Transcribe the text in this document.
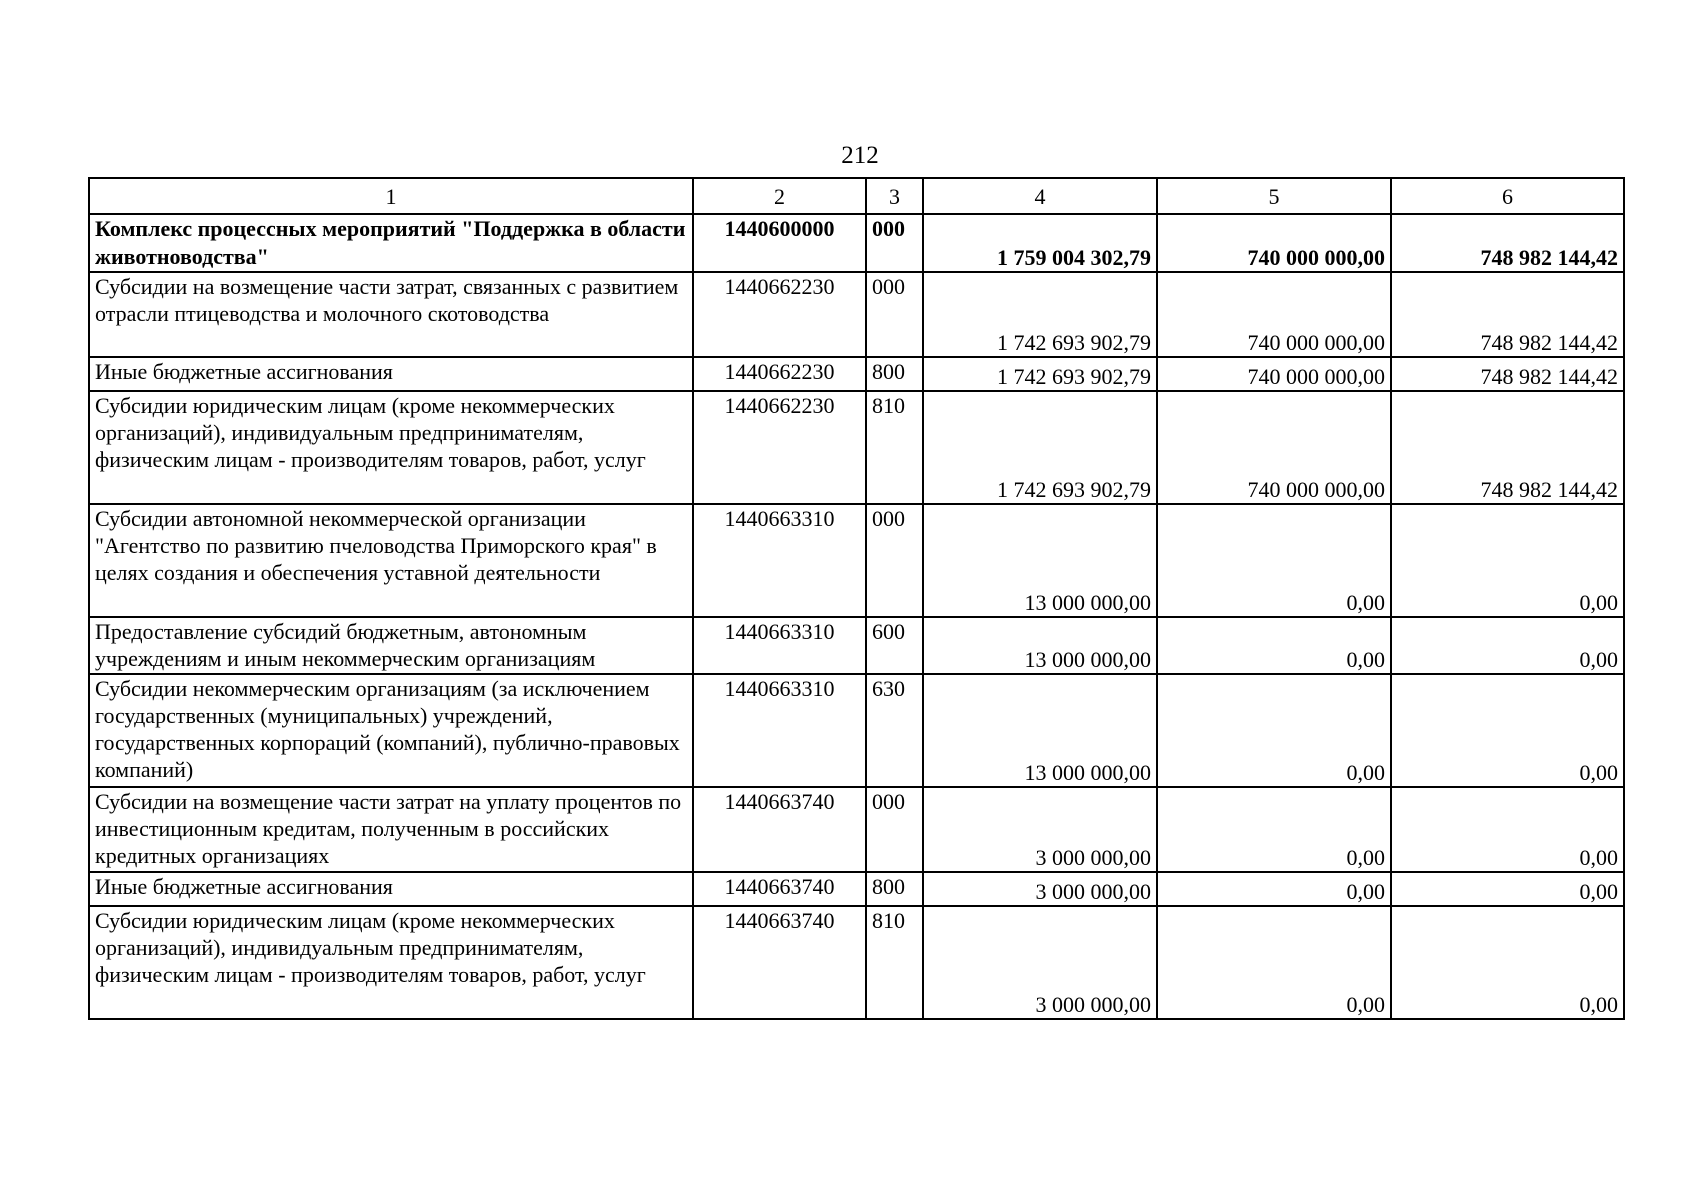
212
1	2	3	4	5	6
Комплекс процессных мероприятий "Поддержка в области животноводства"	1440600000	000	1 759 004 302,79	740 000 000,00	748 982 144,42
Субсидии на возмещение части затрат, связанных с развитием отрасли птицеводства и молочного скотоводства	1440662230	000	1 742 693 902,79	740 000 000,00	748 982 144,42
Иные бюджетные ассигнования	1440662230	800	1 742 693 902,79	740 000 000,00	748 982 144,42
Субсидии юридическим лицам (кроме некоммерческих организаций), индивидуальным предпринимателям, физическим лицам - производителям товаров, работ, услуг	1440662230	810	1 742 693 902,79	740 000 000,00	748 982 144,42
Субсидии автономной некоммерческой организации "Агентство по развитию пчеловодства Приморского края" в целях создания и обеспечения уставной деятельности	1440663310	000	13 000 000,00	0,00	0,00
Предоставление субсидий бюджетным, автономным учреждениям и иным некоммерческим организациям	1440663310	600	13 000 000,00	0,00	0,00
Субсидии некоммерческим организациям (за исключением государственных (муниципальных) учреждений, государственных корпораций (компаний), публично-правовых компаний)	1440663310	630	13 000 000,00	0,00	0,00
Субсидии на возмещение части затрат на уплату процентов по инвестиционным кредитам, полученным в российских кредитных организациях	1440663740	000	3 000 000,00	0,00	0,00
Иные бюджетные ассигнования	1440663740	800	3 000 000,00	0,00	0,00
Субсидии юридическим лицам (кроме некоммерческих организаций), индивидуальным предпринимателям, физическим лицам - производителям товаров, работ, услуг	1440663740	810	3 000 000,00	0,00	0,00
